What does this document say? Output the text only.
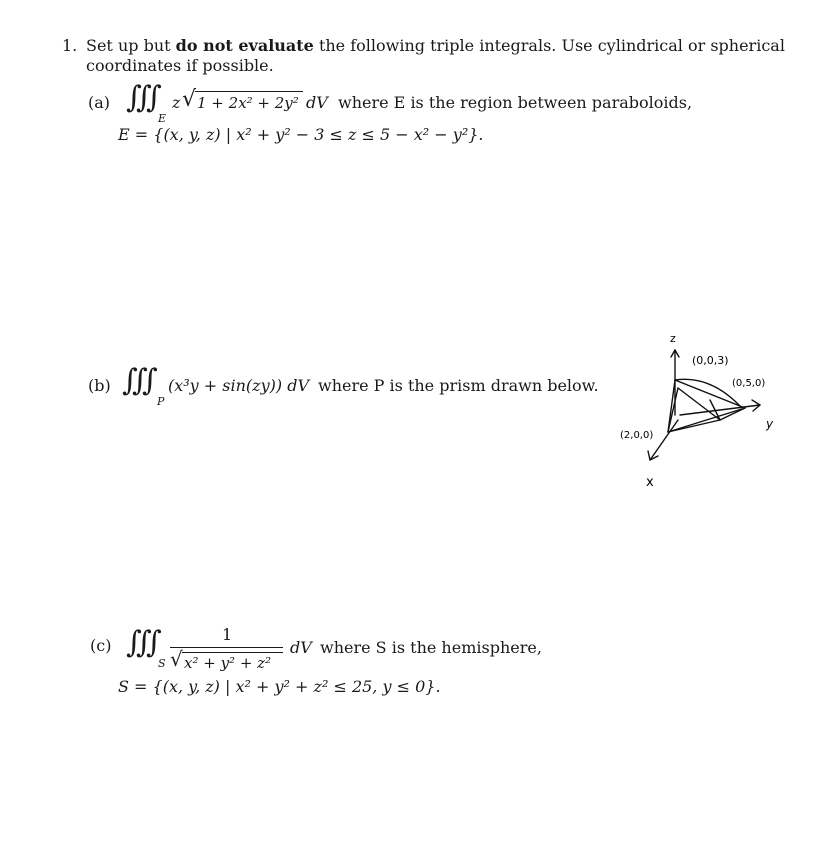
1. Set up but do not evaluate the following triple integrals. Use cylindrical or spherical
coordinates if possible.
(a) ∭
E
z √ 1 + 2x² + 2y² dV where E is the region between paraboloids,
E = {(x, y, z) | x² + y² − 3 ≤ z ≤ 5 − x² − y²}.
(b) ∭
P
(x³y + sin(zy)) dV where P is the prism drawn below.
z
(0,0,3)
(0,5,0)
y
(2,0,0)
x
(c) ∭
S
1
√ x² + y² + z²
dV where S is the hemisphere,
S = {(x, y, z) | x² + y² + z² ≤ 25, y ≤ 0}.
